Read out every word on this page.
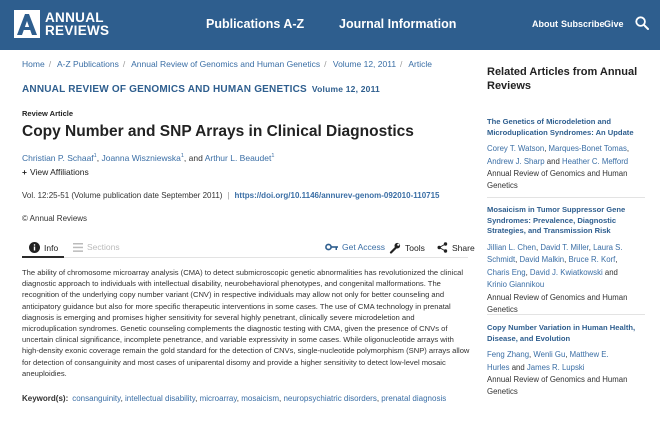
ANNUAL
REVIEWS	Publications A-Z	Journal Information	About Subscribe Give
Home / A-Z Publications / Annual Review of Genomics and Human Genetics / Volume 12, 2011 / Article
ANNUAL REVIEW OF GENOMICS AND HUMAN GENETICS Volume 12, 2011
Review Article
Copy Number and SNP Arrays in Clinical Diagnostics
Christian P. Schaaf$^1$, Joanna Wiszniewska$^1$, and Arthur L. Beaudet$^1$
+ View Affiliations
Vol. 12:25-51 (Volume publication date September 2011) | https://doi.org/10.1146/annurev-genom-092010-110715
© Annual Reviews
Info	Sections	Get Access Tools	Share
The ability of chromosome microarray analysis (CMA) to detect submicroscopic genetic abnormalities has revolutionized the clinical diagnostic approach to individuals with intellectual disability, neurobehavioral phenotypes, and congenital malformations. The recognition of the underlying copy number variant (CNV) in respective individuals may allow not only for better counseling and anticipatory guidance but also for more specific therapeutic interventions in some cases. The use of CMA technology in prenatal diagnosis is emerging and promises higher sensitivity for several highly penetrant, clinically severe microdeletion and microduplication syndromes. Genetic counseling complements the diagnostic testing with CMA, given the presence of CNVs of uncertain clinical significance, incomplete penetrance, and variable expressivity in some cases. While oligonucleotide arrays with high-density exonic coverage remain the gold standard for the detection of CNVs, single-nucleotide polymorphism (SNP) arrays allow for detection of consanguinity and most cases of uniparental disomy and provide a higher sensitivity to detect low-level mosaic aneuploidies.
Keyword(s): consanguinity, intellectual disability, microarray, mosaicism, neuropsychiatric disorders, prenatal diagnosis
Related Articles from Annual Reviews
The Genetics of Microdeletion and Microduplication Syndromes: An Update
Corey T. Watson, Marques-Bonet Tomas,
Andrew J. Sharp and Heather C. Mefford
Annual Review of Genomics and Human Genetics
Mosaicism in Tumor Suppressor Gene Syndromes: Prevalence, Diagnostic Strategies, and Transmission Risk
Jillian L. Chen, David T. Miller, Laura S.
Schmidt, David Malkin, Bruce R. Korf,
Charis Eng, David J. Kwiatkowski and
Krinio Giannikou
Annual Review of Genomics and Human Genetics
Copy Number Variation in Human Health, Disease, and Evolution
Feng Zhang, Wenli Gu, Matthew E.
Hurles and James R. Lupski
Annual Review of Genomics and Human Genetics
